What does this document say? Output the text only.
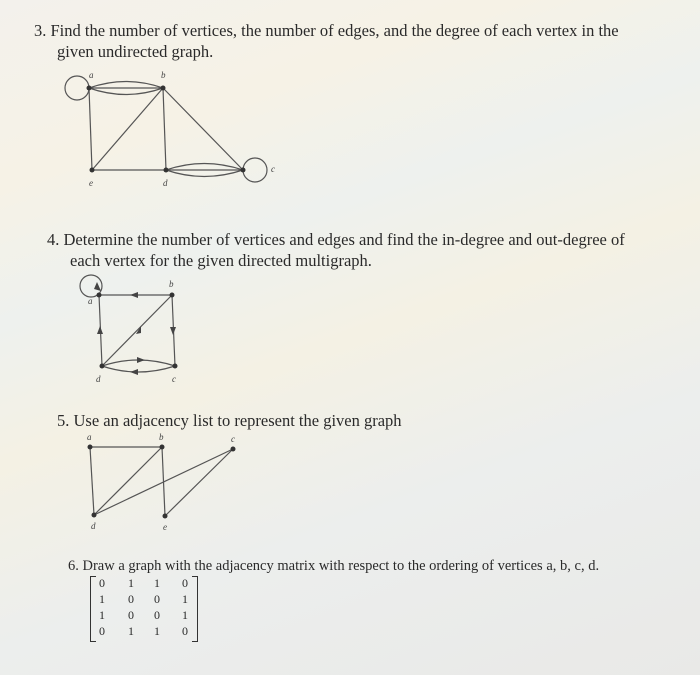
3. Find the number of vertices, the number of edges, and the degree of each vertex in the
given undirected graph.
a	b
c
d
e
4. Determine the number of vertices and edges and find the in-degree and out-degree of
each vertex for the given directed multigraph.
a
b
c
d
5. Use an adjacency list to represent the given graph
a	b	c
d	e
6. Draw a graph with the adjacency matrix with respect to the ordering of vertices a, b, c, d.
0	1	1	0
1	0	0	1
1	0	0	1
0	1	1	0
